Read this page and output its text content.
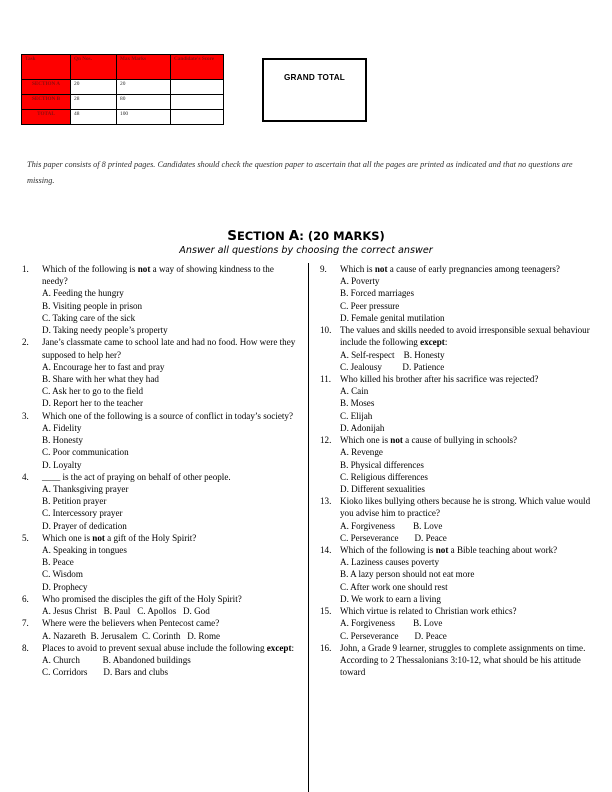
Task	Qn Nos.	Max Marks	Candidate's Score
SECTION A	20	20	
SECTION B	28	80	
TOTAL	48	100	
GRAND TOTAL
This paper consists of 8 printed pages. Candidates should check the question paper to ascertain that all the pages are printed as indicated and that no questions are missing.
SECTION A: (20 MARKS)
Answer all questions by choosing the correct answer
1.	Which of the following is not a way of showing kindness to the needy?
A. Feeding the hungry
B. Visiting people in prison
C. Taking care of the sick
D. Taking needy people’s property
2.	Jane’s classmate came to school late and had no food. How were they supposed to help her?
A. Encourage her to fast and pray
B. Share with her what they had
C. Ask her to go to the field
D. Report her to the teacher
3.	Which one of the following is a source of conflict in today’s society?
A. Fidelity
B. Honesty
C. Poor communication
D. Loyalty
4.	____ is the act of praying on behalf of other people.
A. Thanksgiving prayer
B. Petition prayer
C. Intercessory prayer
D. Prayer of dedication
5.	Which one is not a gift of the Holy Spirit?
A. Speaking in tongues
B. Peace
C. Wisdom
D. Prophecy
6.	Who promised the disciples the gift of the Holy Spirit?
A. Jesus Christ   B. Paul   C. Apollos   D. God
7.	Where were the believers when Pentecost came?
A. Nazareth  B. Jerusalem  C. Corinth   D. Rome
8.	Places to avoid to prevent sexual abuse include the following except:
A. Church          B. Abandoned buildings
C. Corridors       D. Bars and clubs
9.	Which is not a cause of early pregnancies among teenagers?
A. Poverty
B. Forced marriages
C. Peer pressure
D. Female genital mutilation
10. The values and skills needed to avoid irresponsible sexual behaviour include the following except:
A. Self-respect    B. Honesty
C. Jealousy         D. Patience
11. Who killed his brother after his sacrifice was rejected?
A. Cain
B. Moses
C. Elijah
D. Adonijah
12. Which one is not a cause of bullying in schools?
A. Revenge
B. Physical differences
C. Religious differences
D. Different sexualities
13. Kioko likes bullying others because he is strong. Which value would you advise him to practice?
A. Forgiveness        B. Love
C. Perseverance       D. Peace
14. Which of the following is not a Bible teaching about work?
A. Laziness causes poverty
B. A lazy person should not eat more
C. After work one should rest
D. We work to earn a living
15. Which virtue is related to Christian work ethics?
A. Forgiveness        B. Love
C. Perseverance       D. Peace
16. John, a Grade 9 learner, struggles to complete assignments on time. According to 2 Thessalonians 3:10-12, what should be his attitude toward
